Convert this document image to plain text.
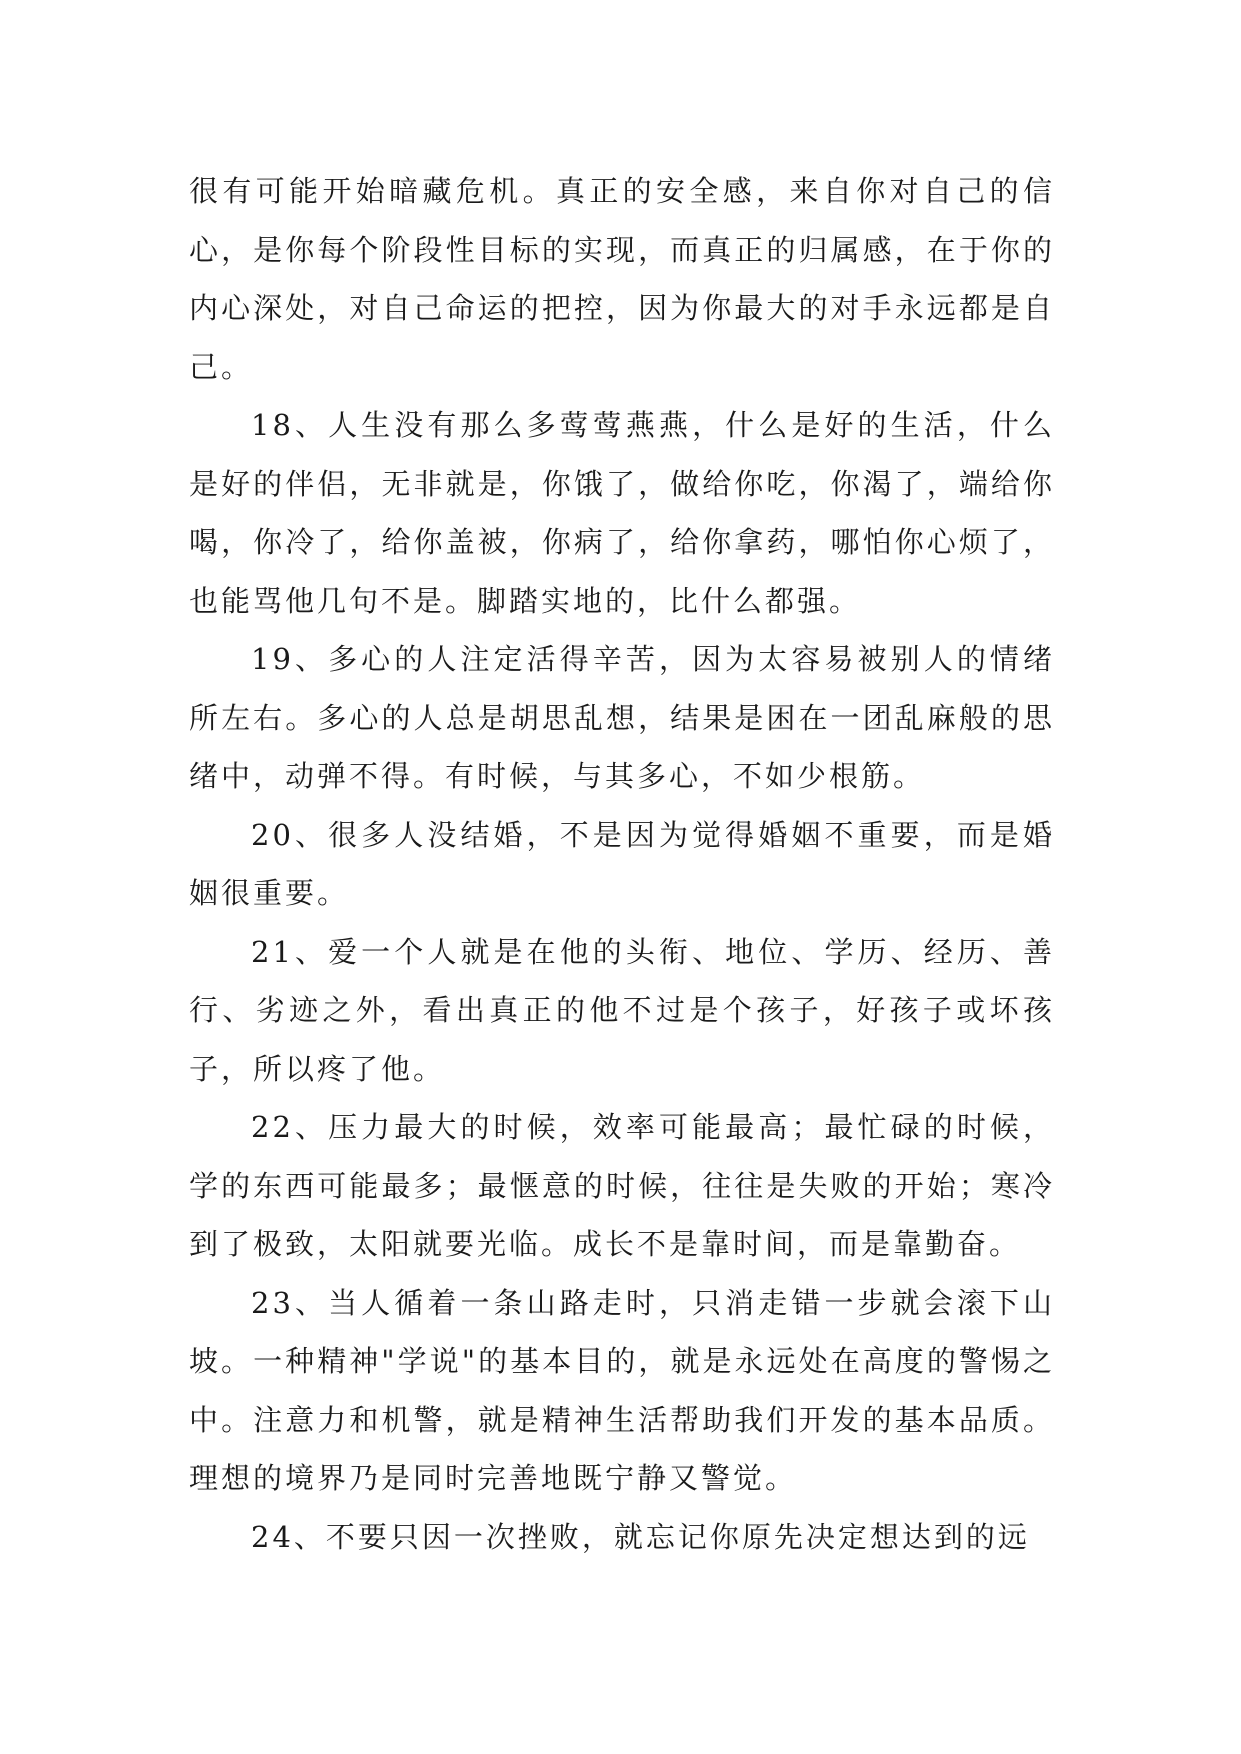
很有可能开始暗藏危机。真正的安全感，来自你对自己的信心，是你每个阶段性目标的实现，而真正的归属感，在于你的内心深处，对自己命运的把控，因为你最大的对手永远都是自己。

18、人生没有那么多莺莺燕燕，什么是好的生活，什么是好的伴侣，无非就是，你饿了，做给你吃，你渴了，端给你喝，你冷了，给你盖被，你病了，给你拿药，哪怕你心烦了，也能骂他几句不是。脚踏实地的，比什么都强。

19、多心的人注定活得辛苦，因为太容易被别人的情绪所左右。多心的人总是胡思乱想，结果是困在一团乱麻般的思绪中，动弹不得。有时候，与其多心，不如少根筋。

20、很多人没结婚，不是因为觉得婚姻不重要，而是婚姻很重要。

21、爱一个人就是在他的头衔、地位、学历、经历、善行、劣迹之外，看出真正的他不过是个孩子，好孩子或坏孩子，所以疼了他。

22、压力最大的时候，效率可能最高；最忙碌的时候，学的东西可能最多；最惬意的时候，往往是失败的开始；寒冷到了极致，太阳就要光临。成长不是靠时间，而是靠勤奋。

23、当人循着一条山路走时，只消走错一步就会滚下山坡。一种精神"学说"的基本目的，就是永远处在高度的警惕之中。注意力和机警，就是精神生活帮助我们开发的基本品质。理想的境界乃是同时完善地既宁静又警觉。

24、不要只因一次挫败，就忘记你原先决定想达到的远
